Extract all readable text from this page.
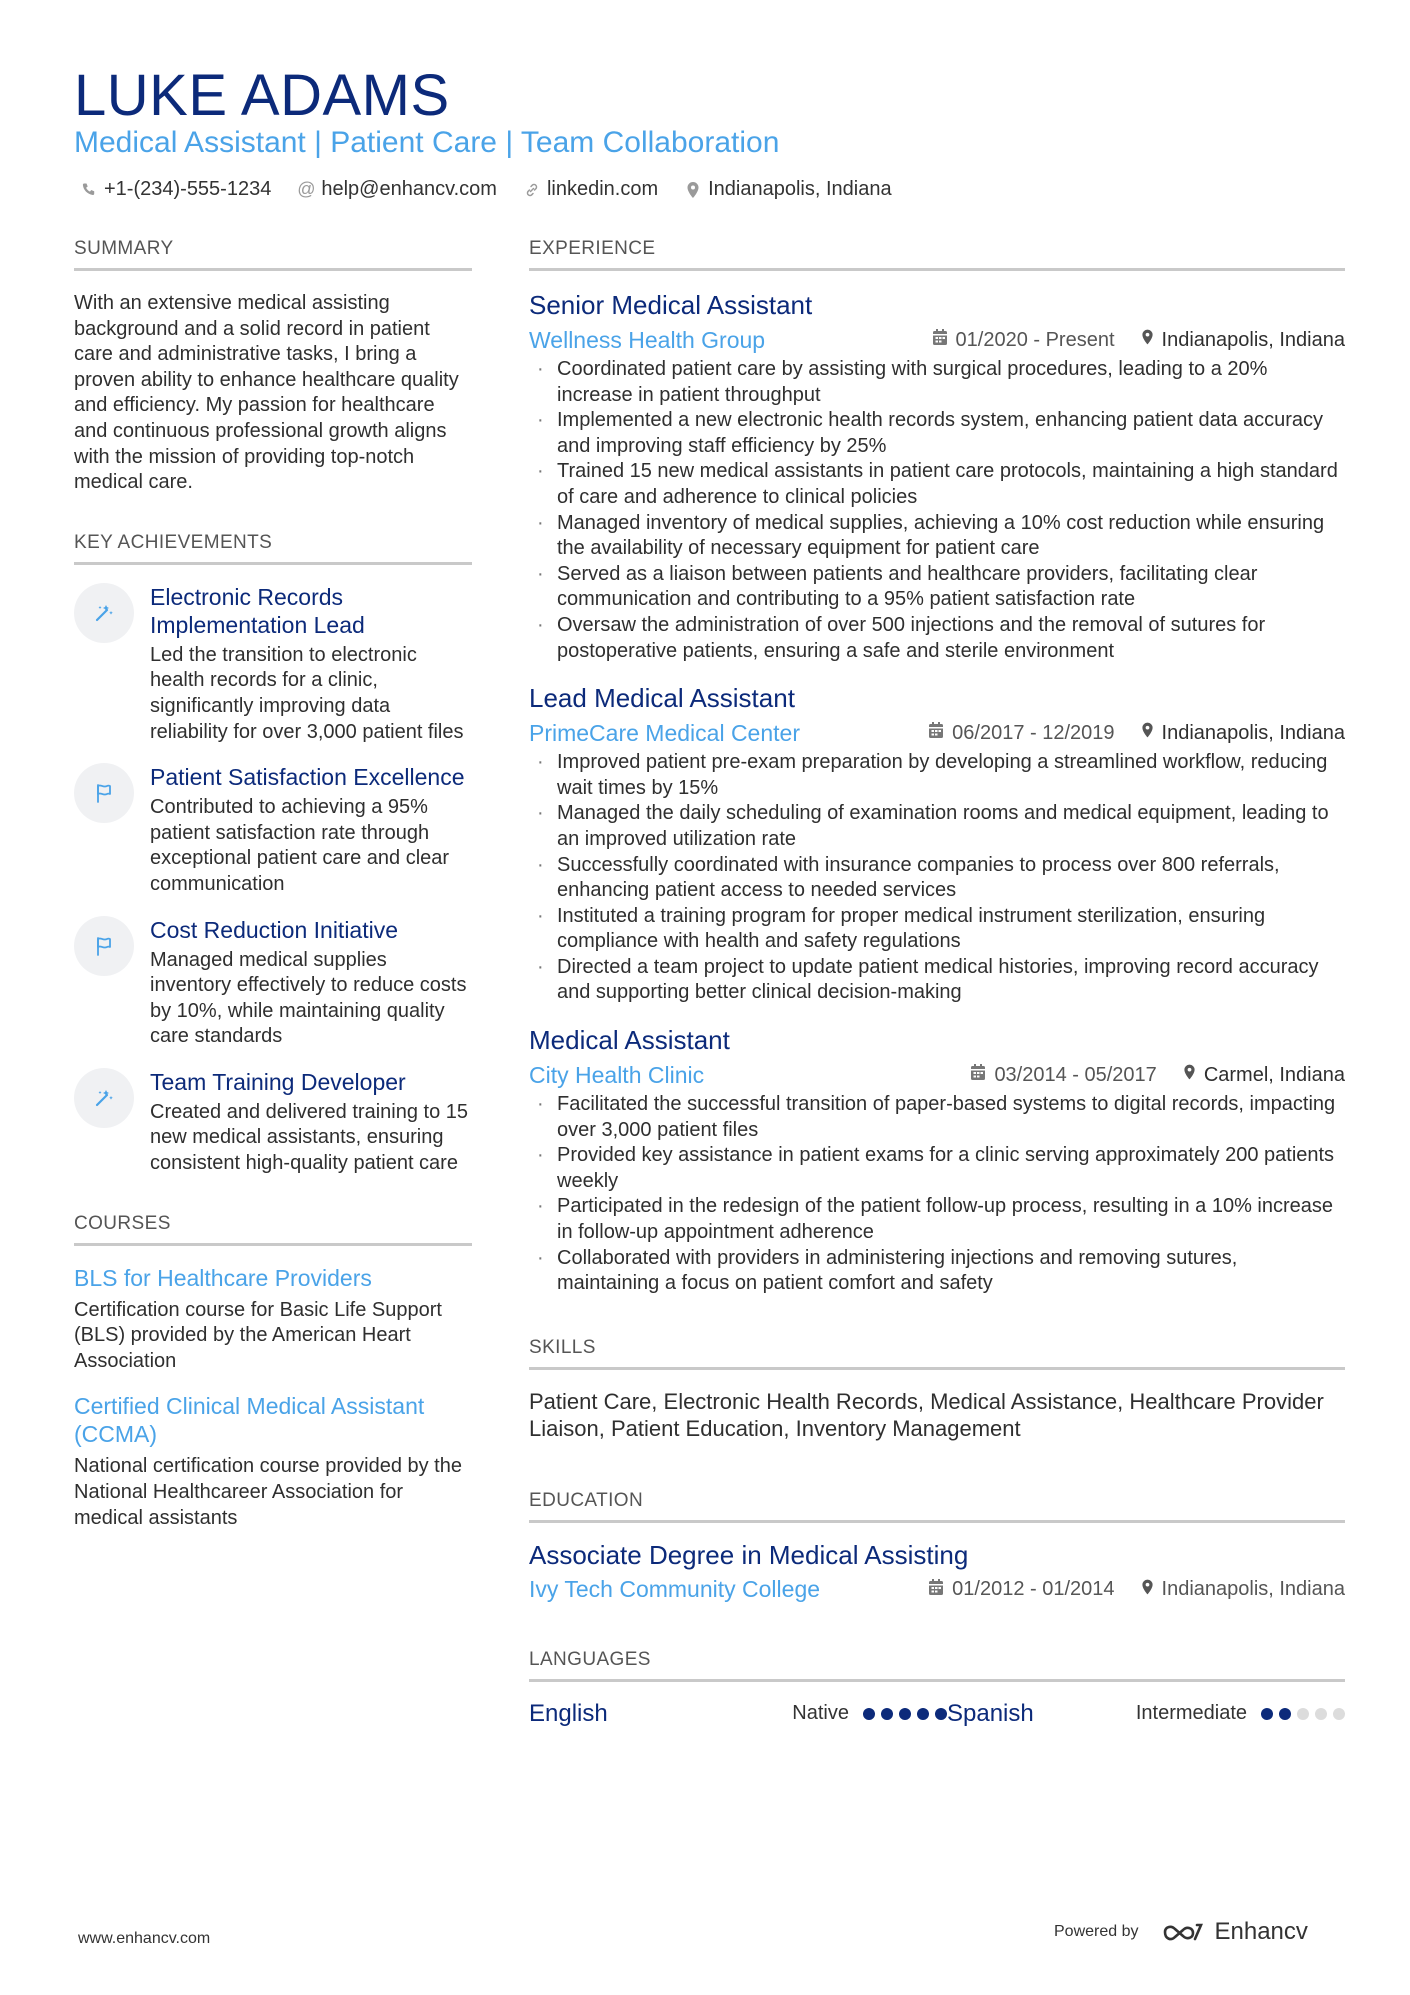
LUKE ADAMS
Medical Assistant | Patient Care | Team Collaboration
+1-(234)-555-1234 @ help@enhancv.com	linkedin.com	Indianapolis, Indiana
SUMMARY
With an extensive medical assisting background and a solid record in patient care and administrative tasks, I bring a proven ability to enhance healthcare quality and efficiency. My passion for healthcare and continuous professional growth aligns with the mission of providing top-notch medical care.
KEY ACHIEVEMENTS
Electronic Records Implementation Lead
Led the transition to electronic health records for a clinic, significantly improving data reliability for over 3,000 patient files
Patient Satisfaction Excellence
Contributed to achieving a 95% patient satisfaction rate through exceptional patient care and clear communication
Cost Reduction Initiative
Managed medical supplies inventory effectively to reduce costs by 10%, while maintaining quality care standards
Team Training Developer
Created and delivered training to 15 new medical assistants, ensuring consistent high-quality patient care
COURSES
BLS for Healthcare Providers
Certification course for Basic Life Support (BLS) provided by the American Heart Association
Certified Clinical Medical Assistant (CCMA)
National certification course provided by the National Healthcareer Association for medical assistants
EXPERIENCE
Senior Medical Assistant
Wellness Health Group	01/2020 - Present Indianapolis, Indiana
· Coordinated patient care by assisting with surgical procedures, leading to a 20% increase in patient throughput
· Implemented a new electronic health records system, enhancing patient data accuracy and improving staff efficiency by 25%
· Trained 15 new medical assistants in patient care protocols, maintaining a high standard of care and adherence to clinical policies
· Managed inventory of medical supplies, achieving a 10% cost reduction while ensuring the availability of necessary equipment for patient care
· Served as a liaison between patients and healthcare providers, facilitating clear communication and contributing to a 95% patient satisfaction rate
· Oversaw the administration of over 500 injections and the removal of sutures for postoperative patients, ensuring a safe and sterile environment
Lead Medical Assistant
PrimeCare Medical Center	06/2017 - 12/2019 Indianapolis, Indiana
· Improved patient pre-exam preparation by developing a streamlined workflow, reducing wait times by 15%
· Managed the daily scheduling of examination rooms and medical equipment, leading to an improved utilization rate
· Successfully coordinated with insurance companies to process over 800 referrals, enhancing patient access to needed services
· Instituted a training program for proper medical instrument sterilization, ensuring compliance with health and safety regulations
· Directed a team project to update patient medical histories, improving record accuracy and supporting better clinical decision-making
Medical Assistant
City Health Clinic	03/2014 - 05/2017 Carmel, Indiana
· Facilitated the successful transition of paper-based systems to digital records, impacting over 3,000 patient files
· Provided key assistance in patient exams for a clinic serving approximately 200 patients weekly
· Participated in the redesign of the patient follow-up process, resulting in a 10% increase in follow-up appointment adherence
· Collaborated with providers in administering injections and removing sutures, maintaining a focus on patient comfort and safety
SKILLS
Patient Care, Electronic Health Records, Medical Assistance, Healthcare Provider Liaison, Patient Education, Inventory Management
EDUCATION
Associate Degree in Medical Assisting
Ivy Tech Community College	01/2012 - 01/2014 Indianapolis, Indiana
LANGUAGES
English	Native	Spanish	Intermediate
www.enhancv.com	Powered by	Enhancv
